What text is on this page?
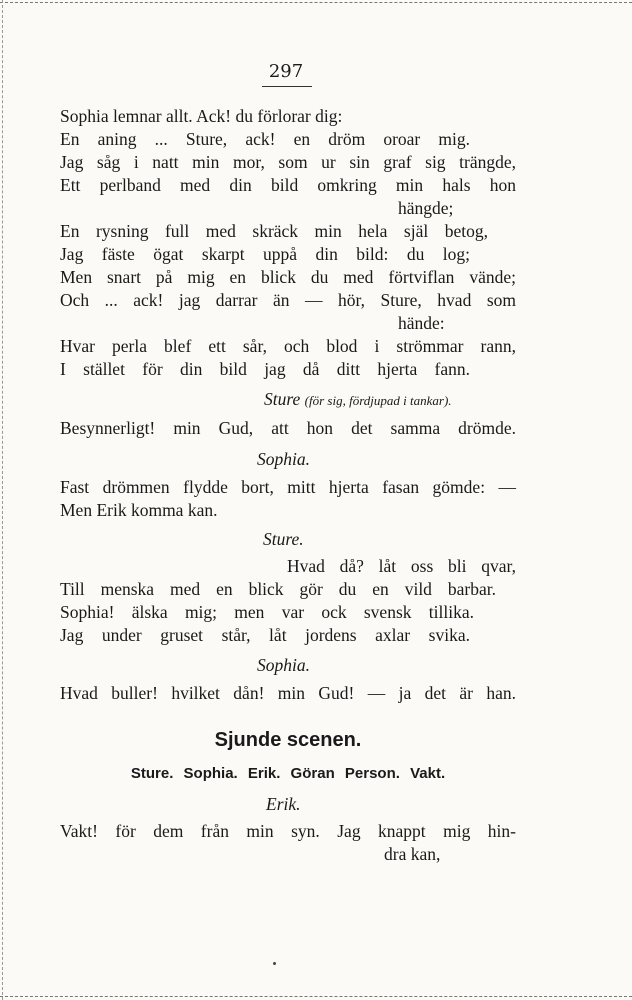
297
Sophia lemnar allt. Ack! du förlorar dig:
En aning ... Sture, ack! en dröm oroar mig.
Jag såg i natt min mor, som ur sin graf sig trängde,
Ett perlband med din bild omkring min hals hon
hängde;
En rysning full med skräck min hela själ betog,
Jag fäste ögat skarpt uppå din bild: du log;
Men snart på mig en blick du med förtviflan vände;
Och ... ack! jag darrar än — hör, Sture, hvad som
hände:
Hvar perla blef ett sår, och blod i strömmar rann,
I stället för din bild jag då ditt hjerta fann.
Sture (för sig, fördjupad i tankar).
Besynnerligt! min Gud, att hon det samma drömde.
Sophia.
Fast drömmen flydde bort, mitt hjerta fasan gömde: —
Men Erik komma kan.
Sture.
Hvad då? låt oss bli qvar,
Till menska med en blick gör du en vild barbar.
Sophia! älska mig; men var ock svensk tillika.
Jag under gruset står, låt jordens axlar svika.
Sophia.
Hvad buller! hvilket dån! min Gud! — ja det är han.
Sjunde scenen.
Sture. Sophia. Erik. Göran Person. Vakt.
Erik.
Vakt! för dem från min syn. Jag knappt mig hin-
dra kan,
